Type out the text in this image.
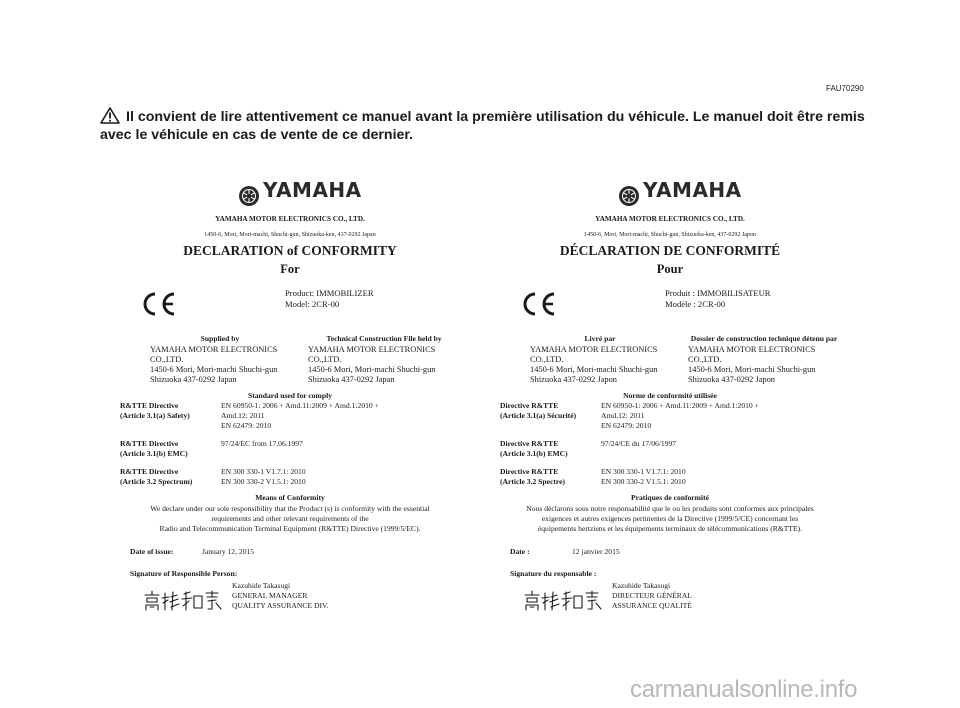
FAU70290
Il convient de lire attentivement ce manuel avant la première utilisation du véhicule. Le manuel doit être remis avec le véhicule en cas de vente de ce dernier.
YAMAHA
YAMAHA MOTOR ELECTRONICS CO., LTD.
1450-6, Mori, Mori-machi, Shuchi-gun, Shizuoka-ken, 437-0292 Japan
DECLARATION of CONFORMITY
For
Product: IMMOBILIZER
Model: 2CR-00
Supplied by
YAMAHA MOTOR ELECTRONICS
CO.,LTD.
1450-6 Mori, Mori-machi Shuchi-gun
Shizuoka 437-0292 Japan
Technical Construction File held by
YAMAHA MOTOR ELECTRONICS
CO.,LTD.
1450-6 Mori, Mori-machi Shuchi-gun
Shizuoka 437-0292 Japan
Standard used for comply
R&TTE Directive
(Article 3.1(a) Safety)
EN 60950-1: 2006 + Amd.11:2009 + Amd.1:2010 +
Amd.12: 2011
EN 62479: 2010
R&TTE Directive
(Article 3.1(b) EMC)
97/24/EC from 17.06.1997
R&TTE Directive
(Article 3.2 Spectrum)
EN 300 330-1 V1.7.1: 2010
EN 300 330-2 V1.5.1: 2010
Means of Conformity
We declare under our sole responsibility that the Product (s) is conformity with the essential
requirements and other relevant requirements of the
Radio and Telecommunication Terminal Equipment (R&TTE) Directive (1999/5/EC).
Date of issue:	January 12, 2015
Signature of Responsible Person:
Kazuhide Takasugi
GENERAL MANAGER
QUALITY ASSURANCE DIV.
YAMAHA
YAMAHA MOTOR ELECTRONICS CO., LTD.
1450-6, Mori, Mori-machi, Shuchi-gun, Shizuoka-ken, 437-0292 Japon
DÉCLARATION DE CONFORMITÉ
Pour
Produit : IMMOBILISATEUR
Modèle : 2CR-00
Livré par
YAMAHA MOTOR ELECTRONICS
CO.,LTD.
1450-6 Mori, Mori-machi Shuchi-gun
Shizuoka 437-0292 Japon
Dossier de construction technique détenu par
YAMAHA MOTOR ELECTRONICS
CO.,LTD.
1450-6 Mori, Mori-machi Shuchi-gun
Shizuoka 437-0292 Japon
Norme de conformité utilisée
Directive R&TTE
(Article 3.1(a) Sécurité)
EN 60950-1: 2006 + Amd.11:2009 + Amd.1:2010 +
Amd.12: 2011
EN 62479: 2010
Directive R&TTE
(Article 3.1(b) EMC)
97/24/CE du 17/06/1997
Directive R&TTE
(Article 3.2 Spectre)
EN 300 330-1 V1.7.1: 2010
EN 300 330-2 V1.5.1: 2010
Pratiques de conformité
Nous déclarons sous notre responsabilité que le ou les produits sont conformes aux principales
exigences et autres exigences pertinentes de la Directive (1999/5/CE) concernant les
équipements hertziens et les équipements terminaux de télécommunications (R&TTE).
Date :	12 janvier 2015
Signature du responsable :
Kazuhide Takasugi
DIRECTEUR GÉNÉRAL
ASSURANCE QUALITÉ
carmanualsonline.info
